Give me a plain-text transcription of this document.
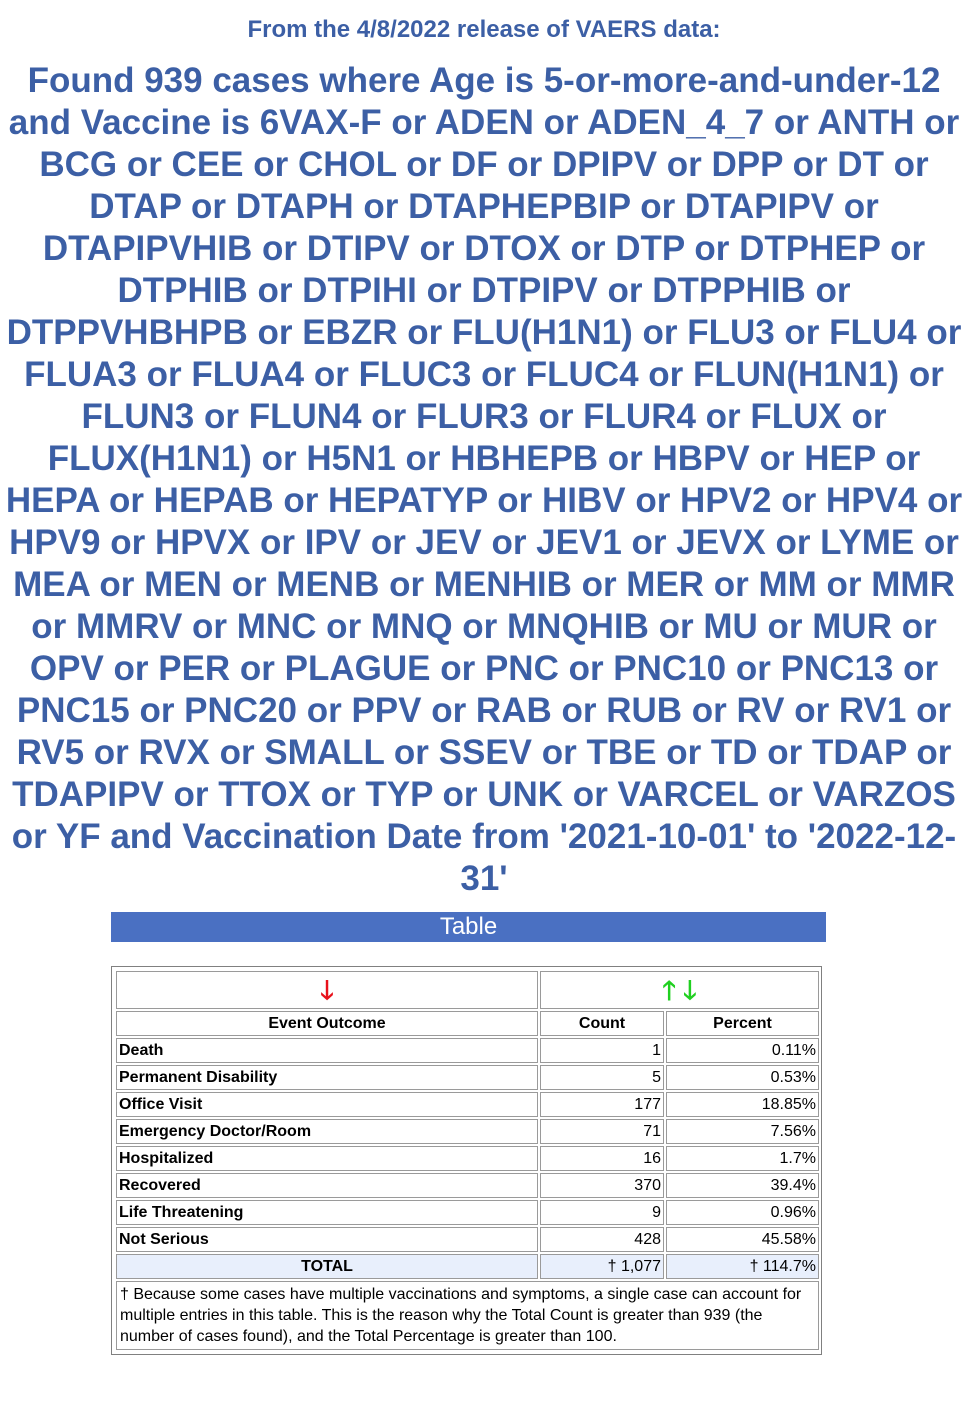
From the 4/8/2022 release of VAERS data:
Found 939 cases where Age is 5-or-more-and-under-12 and Vaccine is 6VAX-F or ADEN or ADEN_4_7 or ANTH or BCG or CEE or CHOL or DF or DPIPV or DPP or DT or DTAP or DTAPH or DTAPHEPBIP or DTAPIPV or DTAPIPVHIB or DTIPV or DTOX or DTP or DTPHEP or DTPHIB or DTPIHI or DTPIPV or DTPPHIB or DTPPVHBHPB or EBZR or FLU(H1N1) or FLU3 or FLU4 or FLUA3 or FLUA4 or FLUC3 or FLUC4 or FLUN(H1N1) or FLUN3 or FLUN4 or FLUR3 or FLUR4 or FLUX or FLUX(H1N1) or H5N1 or HBHEPB or HBPV or HEP or HEPA or HEPAB or HEPATYP or HIBV or HPV2 or HPV4 or HPV9 or HPVX or IPV or JEV or JEV1 or JEVX or LYME or MEA or MEN or MENB or MENHIB or MER or MM or MMR or MMRV or MNC or MNQ or MNQHIB or MU or MUR or OPV or PER or PLAGUE or PNC or PNC10 or PNC13 or PNC15 or PNC20 or PPV or RAB or RUB or RV or RV1 or RV5 or RVX or SMALL or SSEV or TBE or TD or TDAP or TDAPIPV or TTOX or TYP or UNK or VARCEL or VARZOS or YF and Vaccination Date from '2021-10-01' to '2022-12-31'
Table
🡓	🡑 🡓	
Event Outcome	Count	Percent
Death	1	0.11%
Permanent Disability	5	0.53%
Office Visit	177	18.85%
Emergency Doctor/Room	71	7.56%
Hospitalized	16	1.7%
Recovered	370	39.4%
Life Threatening	9	0.96%
Not Serious	428	45.58%
TOTAL	† 1,077	† 114.7%
† Because some cases have multiple vaccinations and symptoms, a single case can account for multiple entries in this table. This is the reason why the Total Count is greater than 939 (the number of cases found), and the Total Percentage is greater than 100.		
